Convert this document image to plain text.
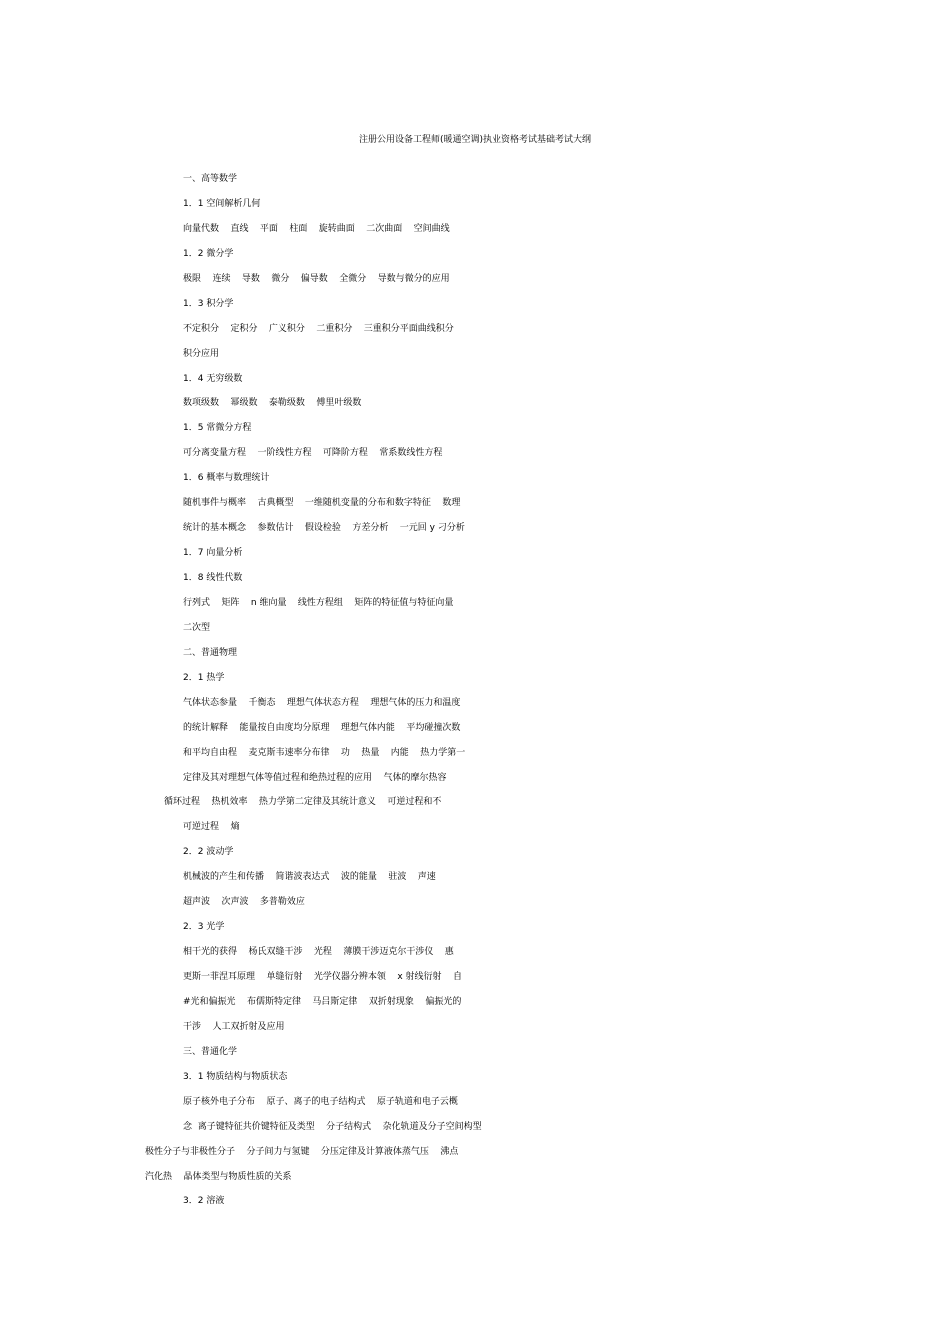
注册公用设备工程师(暖通空调)执业资格考试基础考试大纲
一、高等数学
1．1 空间解析几何
向量代数    直线    平面    柱面    旋转曲面    二次曲面    空间曲线
1．2 微分学
极限    连续    导数    微分    偏导数    全微分    导数与微分的应用
1．3 积分学
不定积分    定积分    广义积分    二重积分    三重积分平面曲线积分
积分应用
1．4 无穷级数
数项级数    幂级数    泰勒级数    傅里叶级数
1．5 常微分方程
可分离变量方程    一阶线性方程    可降阶方程    常系数线性方程
1．6 概率与数理统计
随机事件与概率    古典概型    一维随机变量的分布和数字特征    数理
统计的基本概念    参数估计    假设检验    方差分析    一元回 y 刁分析
1．7 向量分析
1．8 线性代数
行列式    矩阵    n 维向量    线性方程组    矩阵的特征值与特征向量
二次型
二、普通物理
2．1 热学
气体状态参量    千衡态    理想气体状态方程    理想气体的压力和温度
的统计解释    能量按自由度均分原理    理想气体内能    平均碰撞次数
和平均自由程    麦克斯韦速率分布律    功    热量    内能    热力学第一
定律及其对理想气体等值过程和绝热过程的应用    气体的摩尔热容
循环过程    热机效率    热力学第二定律及其统计意义    可逆过程和不
可逆过程    熵
2．2 波动学
机械波的产生和传播    简谐波表达式    波的能量    驻波    声速
超声波    次声波    多普勒效应
2．3 光学
相干光的获得    杨氏双缝干涉    光程    薄膜干涉迈克尔干涉仪    惠
更斯一菲涅耳原理    单缝衍射    光学仪器分辨本领    x 射线衍射    自
#光和偏振光    布儒斯特定律    马吕斯定律    双折射现象    偏振光的
干涉    人工双折射及应用
三、普通化学
3．1 物质结构与物质状态
原子核外电子分布    原子、离子的电子结构式    原子轨道和电子云概
念  离子键特征共价键特征及类型    分子结构式    杂化轨道及分子空间构型
极性分子与非极性分子    分子间力与氢键    分压定律及计算液体蒸气压    沸点
汽化热    晶体类型与物质性质的关系
3．2 溶液
